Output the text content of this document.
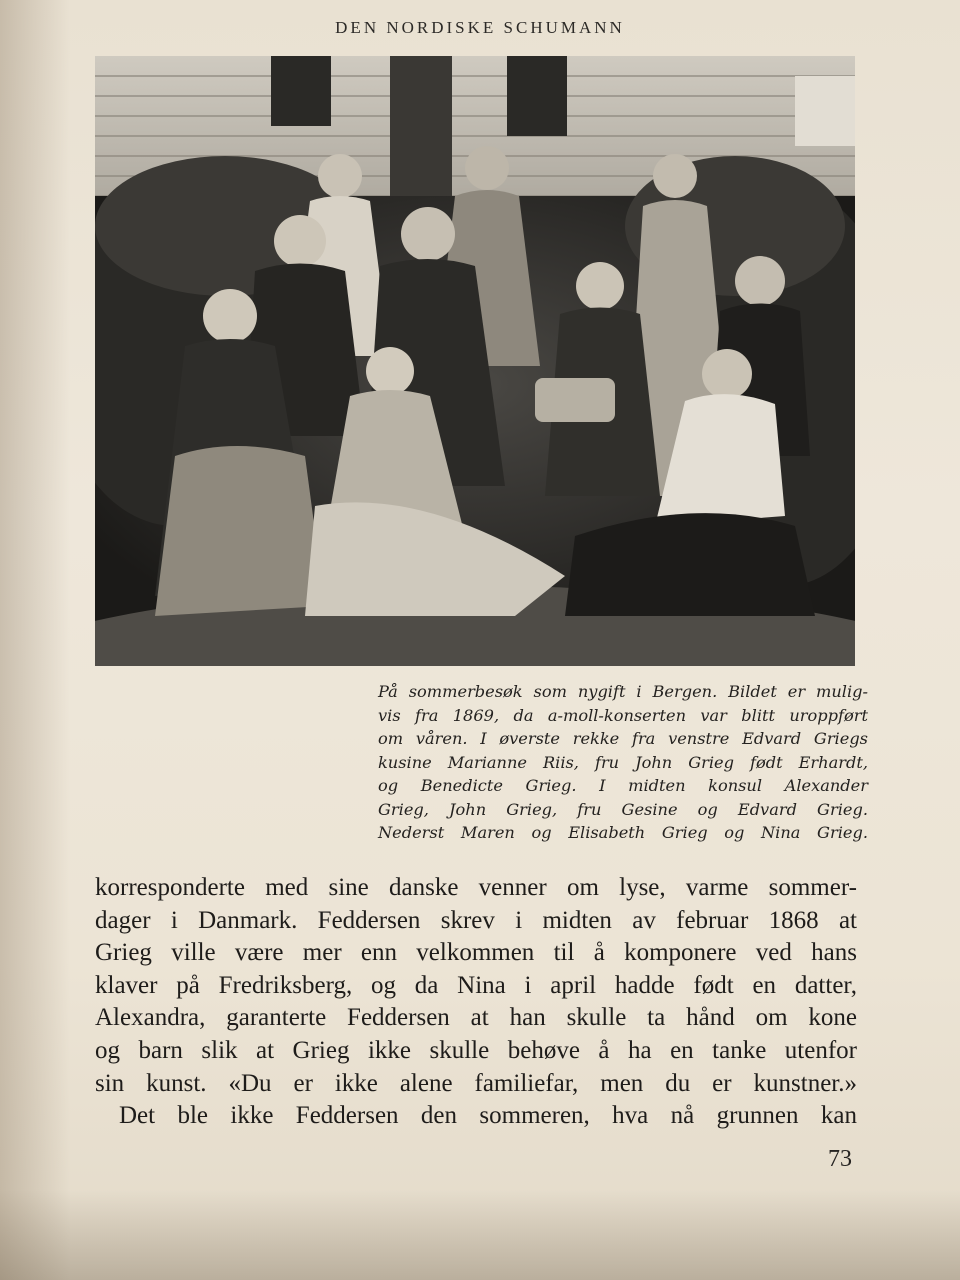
DEN NORDISKE SCHUMANN
På sommerbesøk som nygift i Bergen. Bildet er mulig-
vis fra 1869, da a-moll-konserten var blitt uroppført
om våren. I øverste rekke fra venstre Edvard Griegs
kusine Marianne Riis, fru John Grieg født Erhardt,
og Benedicte Grieg. I midten konsul Alexander
Grieg, John Grieg, fru Gesine og Edvard Grieg.
Nederst Maren og Elisabeth Grieg og Nina Grieg.
korresponderte med sine danske venner om lyse, varme sommer-
dager i Danmark. Feddersen skrev i midten av februar 1868 at
Grieg ville være mer enn velkommen til å komponere ved hans
klaver på Fredriksberg, og da Nina i april hadde født en datter,
Alexandra, garanterte Feddersen at han skulle ta hånd om kone
og barn slik at Grieg ikke skulle behøve å ha en tanke utenfor
sin kunst. «Du er ikke alene familiefar, men du er kunstner.»
Det ble ikke Feddersen den sommeren, hva nå grunnen kan
73
